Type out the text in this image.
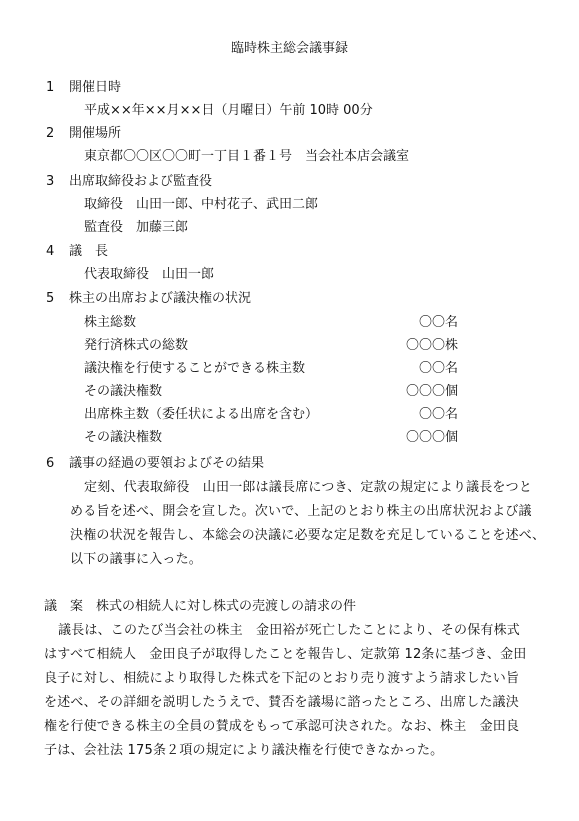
臨時株主総会議事録
1 開催日時
平成××年××月××日（月曜日）午前 10時 00分
2 開催場所
東京都〇〇区〇〇町一丁目１番１号　当会社本店会議室
3 出席取締役および監査役
取締役　山田一郎、中村花子、武田二郎
監査役　加藤三郎
4 議　長
代表取締役　山田一郎
5 株主の出席および議決権の状況
株主総数	〇〇名
発行済株式の総数	〇〇〇株
議決権を行使することができる株主数	〇〇名
その議決権数	〇〇〇個
出席株主数（委任状による出席を含む）	〇〇名
その議決権数	〇〇〇個
6 議事の経過の要領およびその結果
定刻、代表取締役　山田一郎は議長席につき、定款の規定により議長をつと
める旨を述べ、開会を宣した。次いで、上記のとおり株主の出席状況および議
決権の状況を報告し、本総会の決議に必要な定足数を充足していることを述べ、
以下の議事に入った。
議　案　株式の相続人に対し株式の売渡しの請求の件
議長は、このたび当会社の株主　金田裕が死亡したことにより、その保有株式
はすべて相続人　金田良子が取得したことを報告し、定款第 12条に基づき、金田
良子に対し、相続により取得した株式を下記のとおり売り渡すよう請求したい旨
を述べ、その詳細を説明したうえで、賛否を議場に諮ったところ、出席した議決
権を行使できる株主の全員の賛成をもって承認可決された。なお、株主　金田良
子は、会社法 175条２項の規定により議決権を行使できなかった。
